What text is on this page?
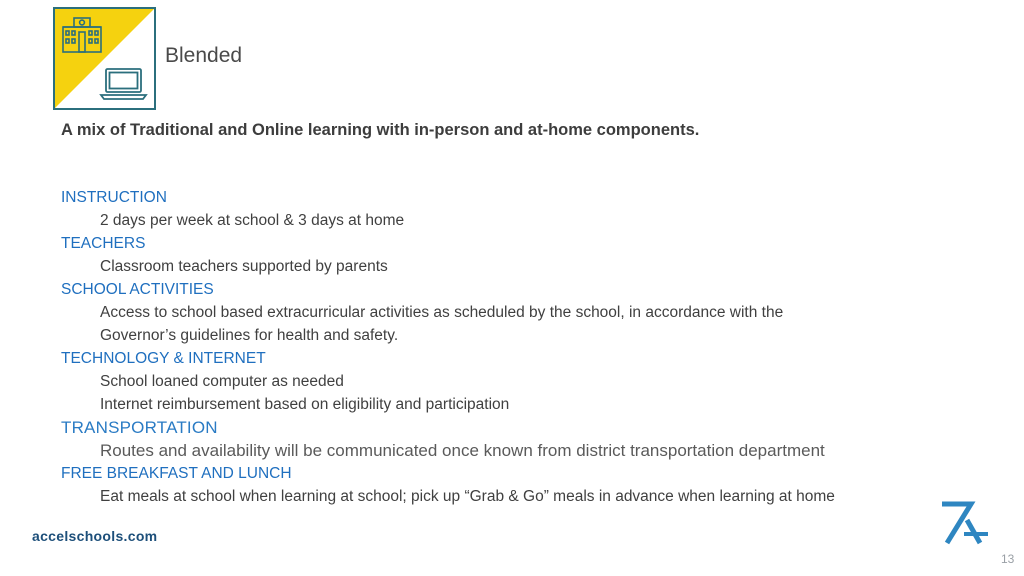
Blended
A mix of Traditional and Online learning with in-person and at-home components.
INSTRUCTION
2 days per week at school & 3 days at home
TEACHERS
Classroom teachers supported by parents
SCHOOL ACTIVITIES
Access to school based extracurricular activities as scheduled by the school, in accordance with the
Governor’s guidelines for health and safety.
TECHNOLOGY & INTERNET
School loaned computer as needed
Internet reimbursement based on eligibility and participation
TRANSPORTATION
Routes and availability will be communicated once known from district transportation department
FREE BREAKFAST AND LUNCH
Eat meals at school when learning at school; pick up “Grab & Go” meals in advance when learning at home
accelschools.com
13
